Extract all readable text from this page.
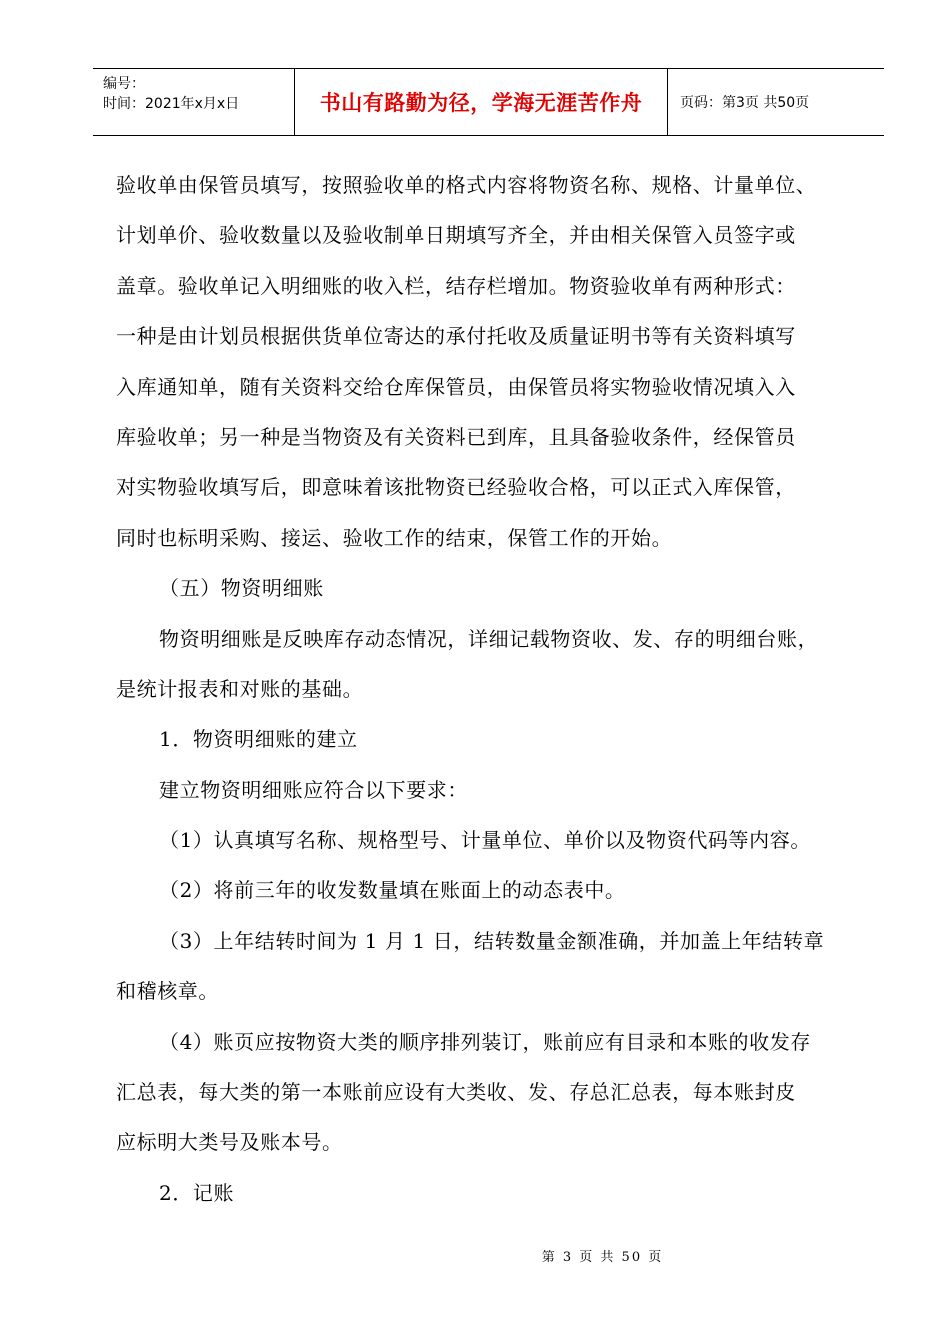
编号：
时间：2021年x月x日	书山有路勤为径，学海无涯苦作舟	页码：第3页 共50页
验收单由保管员填写，按照验收单的格式内容将物资名称、规格、计量单位、
计划单价、验收数量以及验收制单日期填写齐全，并由相关保管入员签字或
盖章。验收单记入明细账的收入栏，结存栏增加。物资验收单有两种形式：
一种是由计划员根据供货单位寄达的承付托收及质量证明书等有关资料填写
入库通知单，随有关资料交给仓库保管员，由保管员将实物验收情况填入入
库验收单；另一种是当物资及有关资料已到库，且具备验收条件，经保管员
对实物验收填写后，即意味着该批物资已经验收合格，可以正式入库保管，
同时也标明采购、接运、验收工作的结束，保管工作的开始。
（五）物资明细账
物资明细账是反映库存动态情况，详细记载物资收、发、存的明细台账，
是统计报表和对账的基础。
1．物资明细账的建立
建立物资明细账应符合以下要求：
（1）认真填写名称、规格型号、计量单位、单价以及物资代码等内容。
（2）将前三年的收发数量填在账面上的动态表中。
（3）上年结转时间为 1 月 1 日，结转数量金额准确，并加盖上年结转章
和稽核章。
（4）账页应按物资大类的顺序排列装订，账前应有目录和本账的收发存
汇总表，每大类的第一本账前应设有大类收、发、存总汇总表，每本账封皮
应标明大类号及账本号。
2．记账
第 3 页 共 50 页
